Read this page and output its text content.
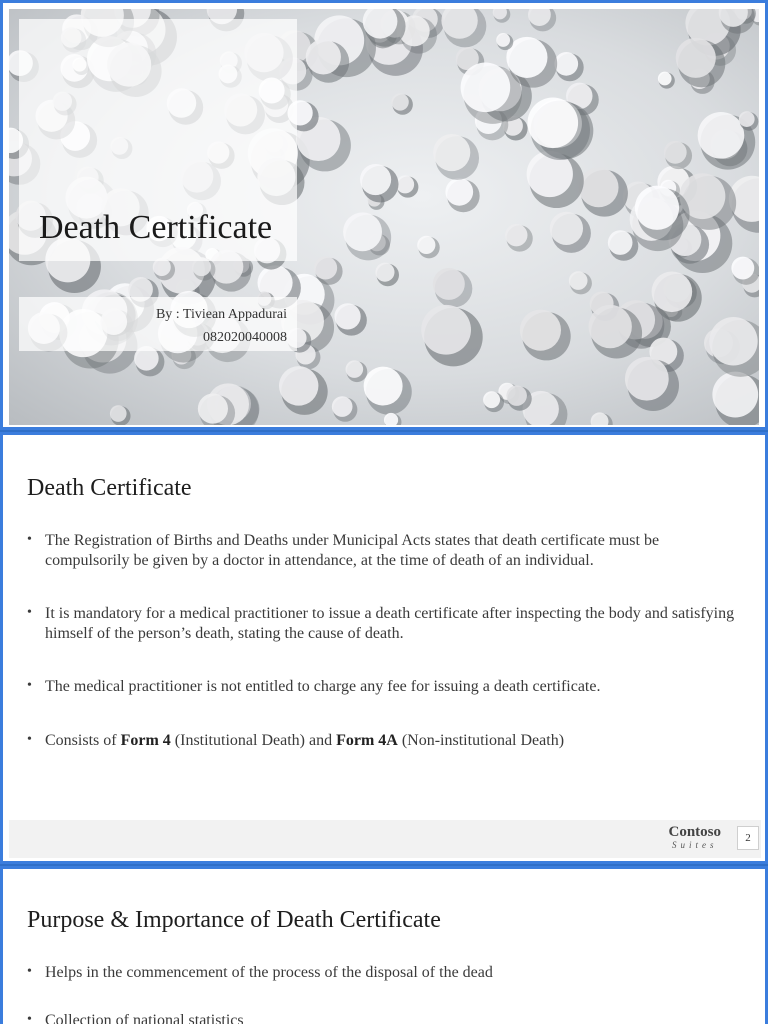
Death Certificate
By : Tiviean Appadurai
082020040008
Death Certificate
• The Registration of Births and Deaths under Municipal Acts states that death certificate must be compulsorily be given by a doctor in attendance, at the time of death of an individual.
• It is mandatory for a medical practitioner to issue a death certificate after inspecting the body and satisfying himself of the person’s death, stating the cause of death.
• The medical practitioner is not entitled to charge any fee for issuing a death certificate.
• Consists of Form 4 (Institutional Death) and Form 4A (Non-institutional Death)
Contoso
Suites
2
Purpose & Importance of Death Certificate
• Helps in the commencement of the process of the disposal of the dead
• Collection of national statistics
